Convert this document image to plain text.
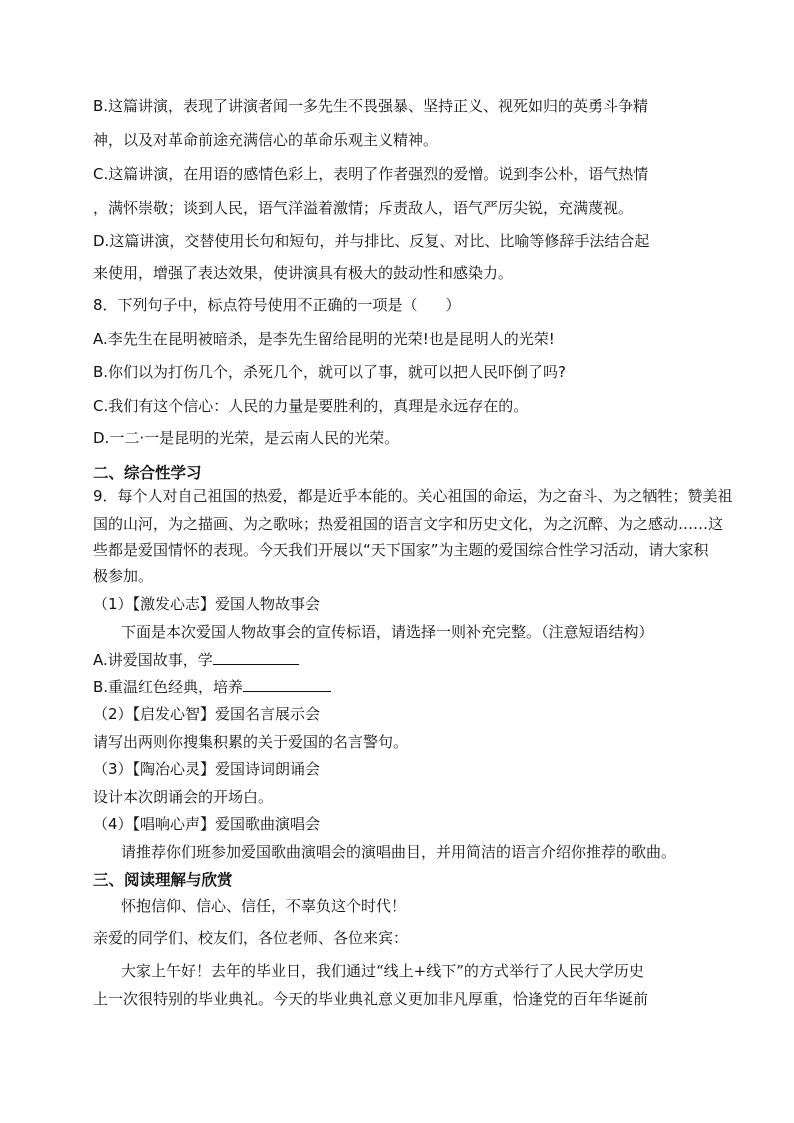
B.这篇讲演，表现了讲演者闻一多先生不畏强暴、坚持正义、视死如归的英勇斗争精
神，以及对革命前途充满信心的革命乐观主义精神。
C.这篇讲演，在用语的感情色彩上，表明了作者强烈的爱憎。说到李公朴，语气热情
，满怀崇敬；谈到人民，语气洋溢着激情；斥责敌人，语气严厉尖锐，充满蔑视。
D.这篇讲演，交替使用长句和短句，并与排比、反复、对比、比喻等修辞手法结合起
来使用，增强了表达效果，使讲演具有极大的鼓动性和感染力。
8．下列句子中，标点符号使用不正确的一项是（ ）
A.李先生在昆明被暗杀，是李先生留给昆明的光荣!也是昆明人的光荣!
B.你们以为打伤几个，杀死几个，就可以了事，就可以把人民吓倒了吗?
C.我们有这个信心：人民的力量是要胜利的，真理是永远存在的。
D.一二·一是昆明的光荣，是云南人民的光荣。
二、综合性学习
9．每个人对自己祖国的热爱，都是近乎本能的。关心祖国的命运，为之奋斗、为之牺牲；赞美祖
国的山河，为之描画、为之歌咏；热爱祖国的语言文字和历史文化，为之沉醉、为之感动……这
些都是爱国情怀的表现。今天我们开展以“天下国家”为主题的爱国综合性学习活动，请大家积
极参加。
（1）【激发心志】爱国人物故事会
下面是本次爱国人物故事会的宣传标语，请选择一则补充完整。（注意短语结构）
A.讲爱国故事，学
B.重温红色经典，培养
（2）【启发心智】爱国名言展示会
请写出两则你搜集积累的关于爱国的名言警句。
（3）【陶冶心灵】爱国诗词朗诵会
设计本次朗诵会的开场白。
（4）【唱响心声】爱国歌曲演唱会
请推荐你们班参加爱国歌曲演唱会的演唱曲目，并用简洁的语言介绍你推荐的歌曲。
三、阅读理解与欣赏
怀抱信仰、信心、信任，不辜负这个时代！
亲爱的同学们、校友们，各位老师、各位来宾：
大家上午好！去年的毕业日，我们通过“线上+线下”的方式举行了人民大学历史
上一次很特别的毕业典礼。今天的毕业典礼意义更加非凡厚重，恰逢党的百年华诞前
